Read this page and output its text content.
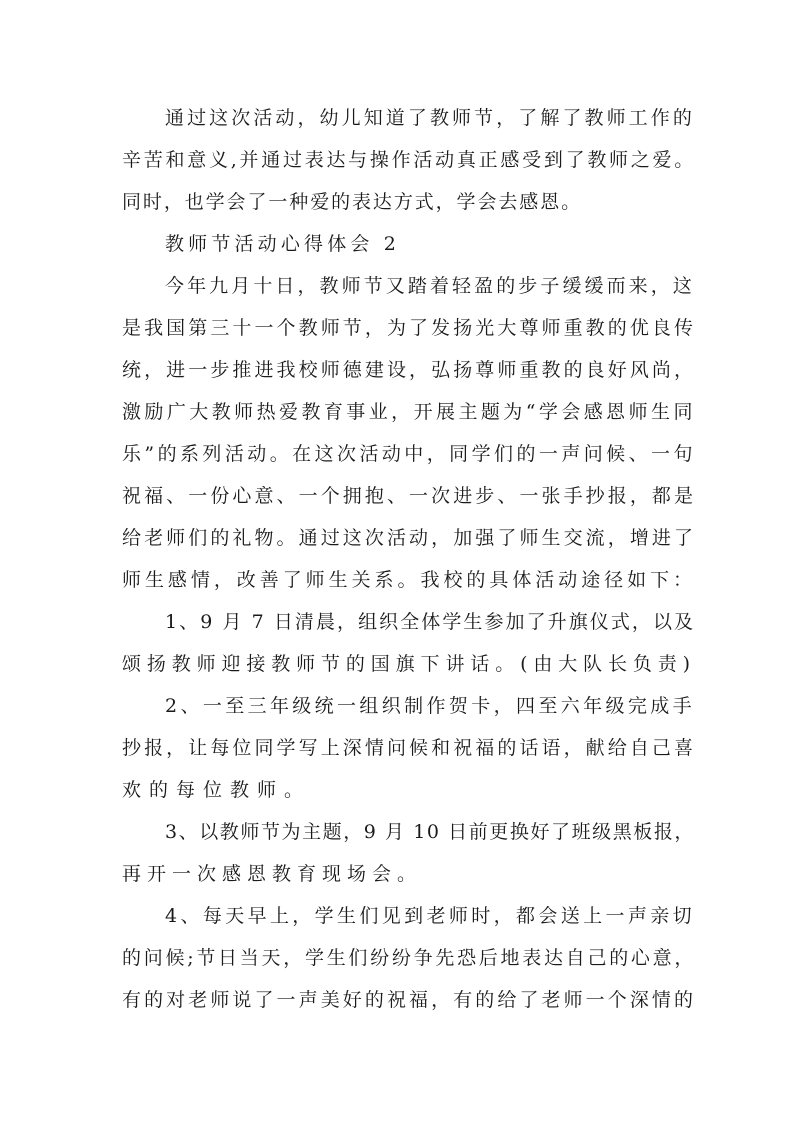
通过这次活动，幼儿知道了教师节，了解了教师工作的
辛苦和意义,并通过表达与操作活动真正感受到了教师之爱。
同时，也学会了一种爱的表达方式，学会去感恩。
教师节活动心得体会 2
今年九月十日，教师节又踏着轻盈的步子缓缓而来，这
是我国第三十一个教师节，为了发扬光大尊师重教的优良传
统，进一步推进我校师德建设，弘扬尊师重教的良好风尚，
激励广大教师热爱教育事业，开展主题为“学会感恩师生同
乐”的系列活动。在这次活动中，同学们的一声问候、一句
祝福、一份心意、一个拥抱、一次进步、一张手抄报，都是
给老师们的礼物。通过这次活动，加强了师生交流，增进了
师生感情，改善了师生关系。我校的具体活动途径如下：
1、9 月 7 日清晨，组织全体学生参加了升旗仪式，以及
颂扬教师迎接教师节的国旗下讲话。(由大队长负责)
2、一至三年级统一组织制作贺卡，四至六年级完成手
抄报，让每位同学写上深情问候和祝福的话语，献给自己喜
欢的每位教师。
3、以教师节为主题，9 月 10 日前更换好了班级黑板报，
再开一次感恩教育现场会。
4、每天早上，学生们见到老师时，都会送上一声亲切
的问候;节日当天，学生们纷纷争先恐后地表达自己的心意，
有的对老师说了一声美好的祝福，有的给了老师一个深情的
